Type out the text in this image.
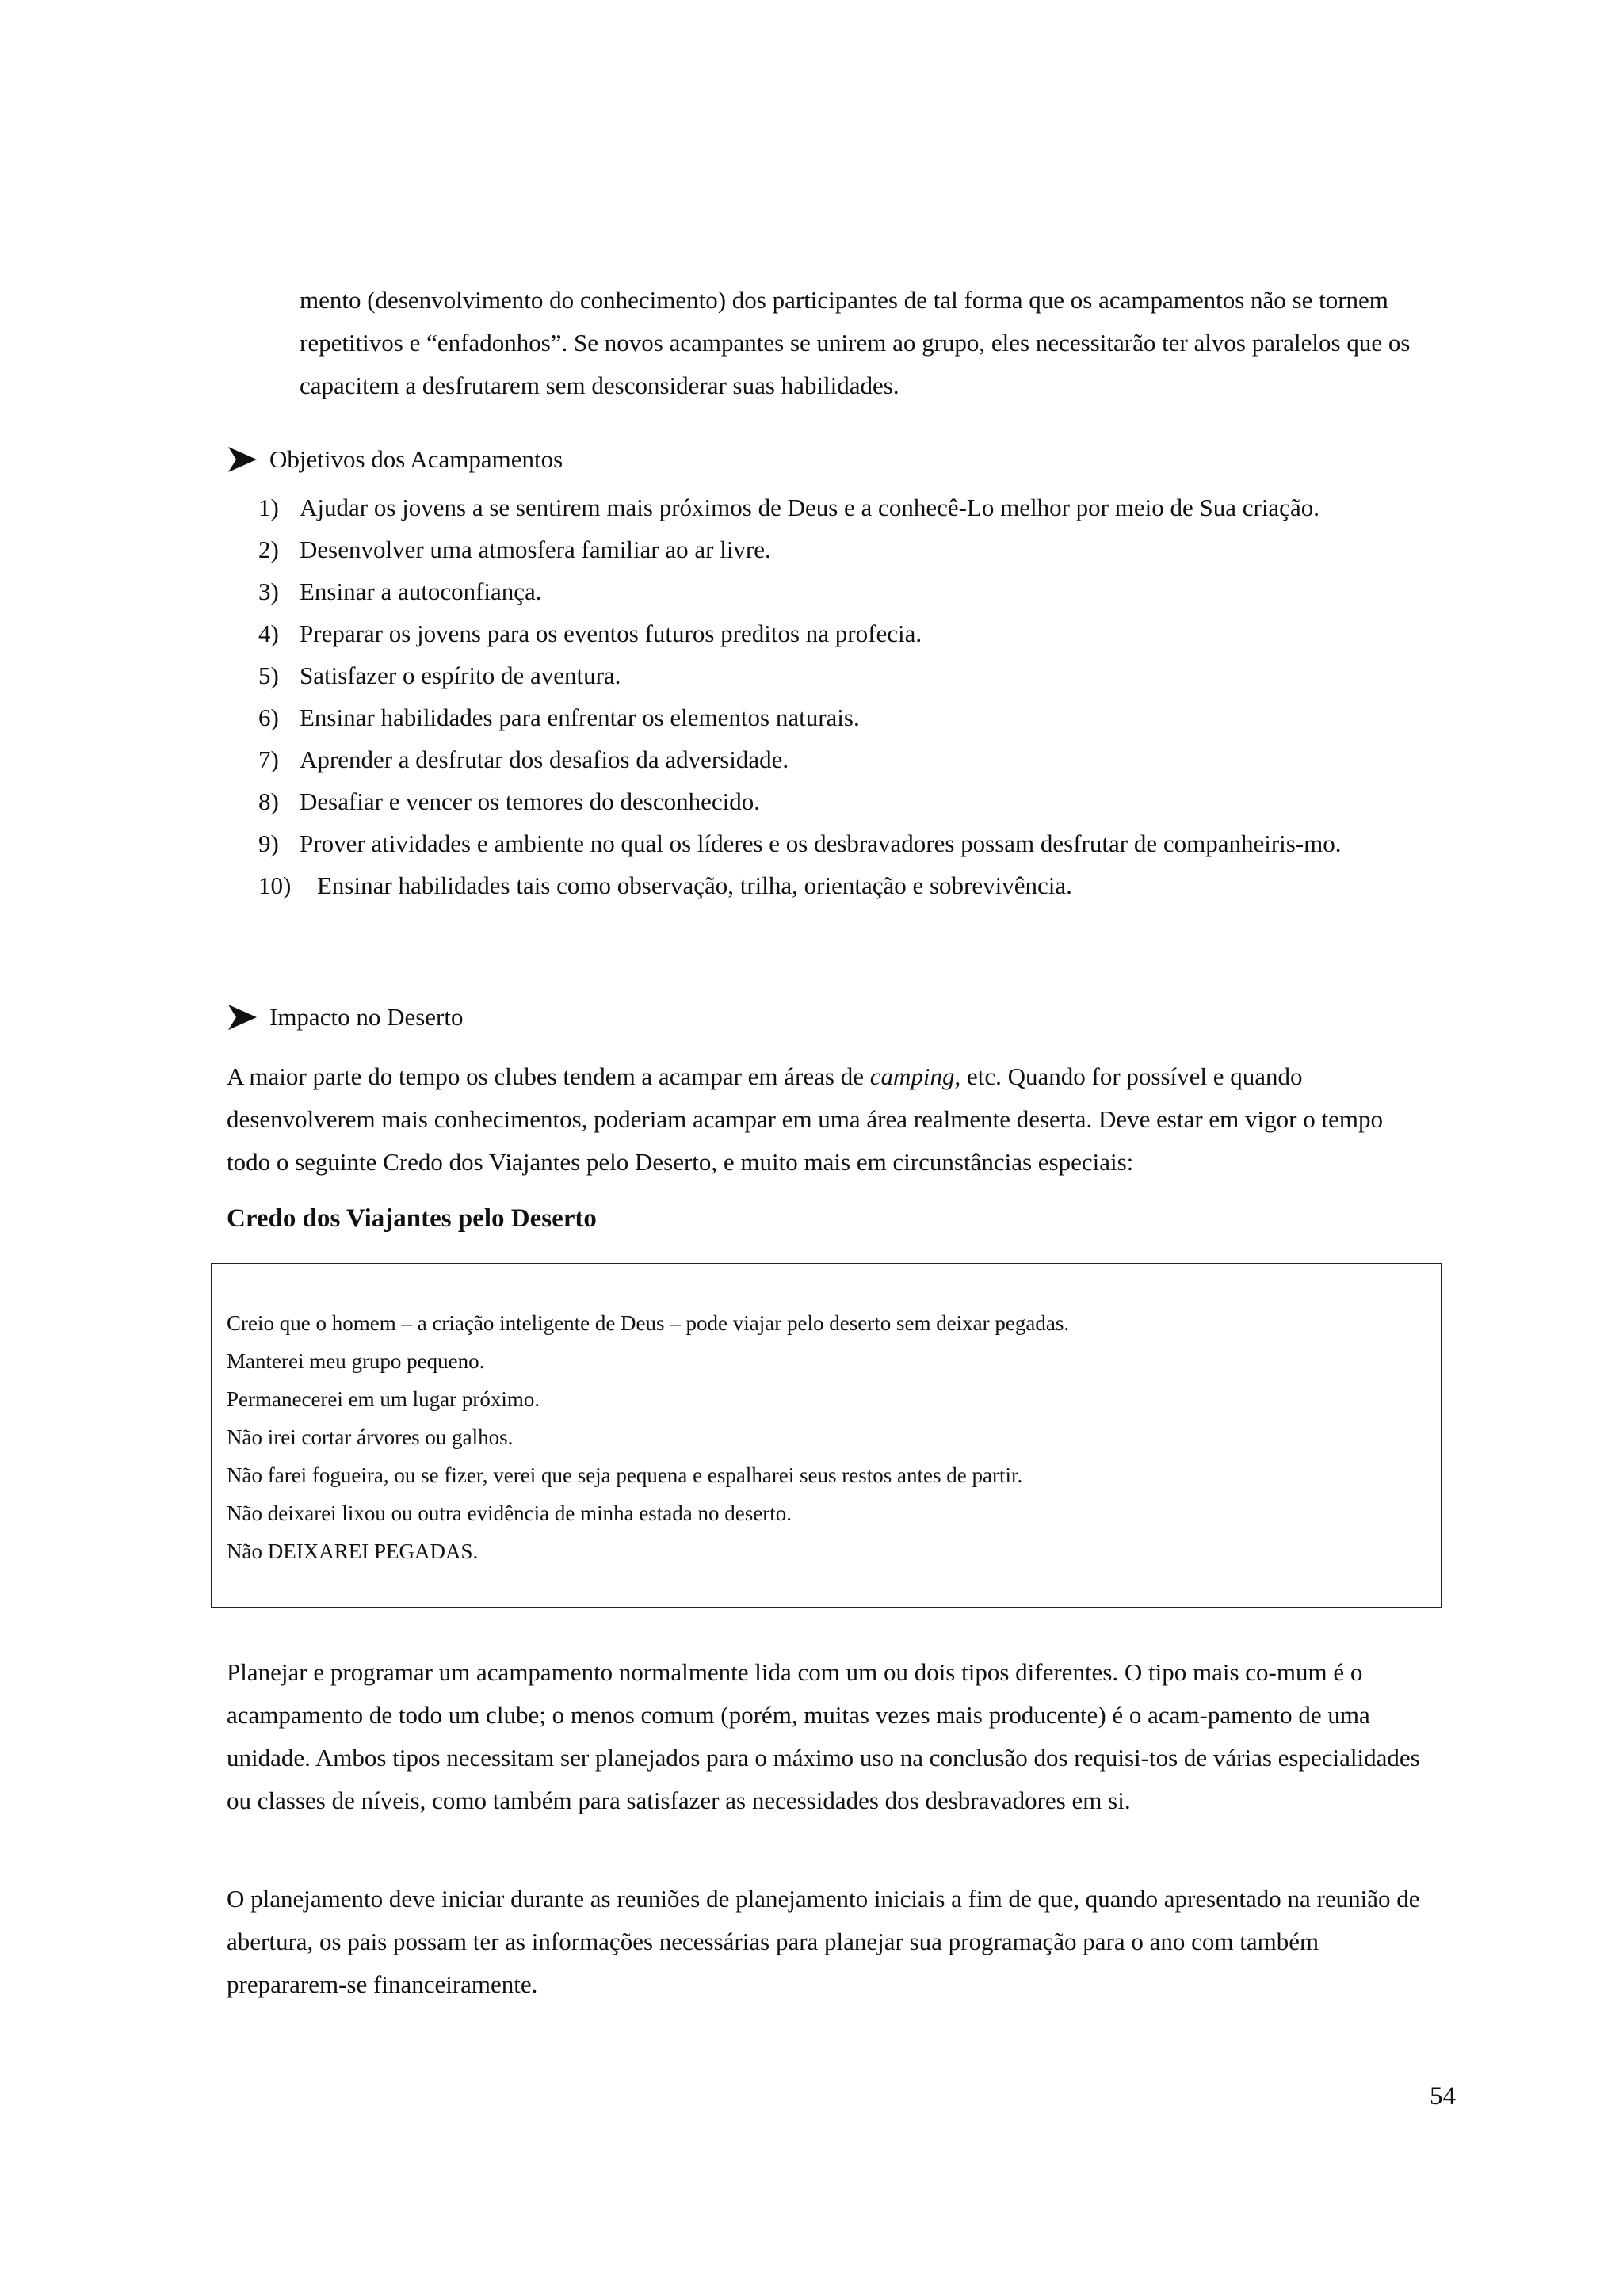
mento (desenvolvimento do conhecimento) dos participantes de tal forma que os acampamentos não se tornem repetitivos e “enfadonhos”. Se novos acampantes se unirem ao grupo, eles necessitarão ter alvos paralelos que os capacitem a desfrutarem sem desconsiderar suas habilidades.

Objetivos dos Acampamentos
1) Ajudar os jovens a se sentirem mais próximos de Deus e a conhecê-Lo melhor por meio de Sua criação.
2) Desenvolver uma atmosfera familiar ao ar livre.
3) Ensinar a autoconfiança.
4) Preparar os jovens para os eventos futuros preditos na profecia.
5) Satisfazer o espírito de aventura.
6) Ensinar habilidades para enfrentar os elementos naturais.
7) Aprender a desfrutar dos desafios da adversidade.
8) Desafiar e vencer os temores do desconhecido.
9) Prover atividades e ambiente no qual os líderes e os desbravadores possam desfrutar de companheiris-mo.
10)	Ensinar habilidades tais como observação, trilha, orientação e sobrevivência.
Impacto no Deserto

A maior parte do tempo os clubes tendem a acampar em áreas de camping, etc. Quando for possível e quando desenvolverem mais conhecimentos, poderiam acampar em uma área realmente deserta. Deve estar em vigor o tempo todo o seguinte Credo dos Viajantes pelo Deserto, e muito mais em circunstâncias especiais:

Credo dos Viajantes pelo Deserto

Creio que o homem – a criação inteligente de Deus – pode viajar pelo deserto sem deixar pegadas.

Manterei meu grupo pequeno.

Permanecerei em um lugar próximo.

Não irei cortar árvores ou galhos.

Não farei fogueira, ou se fizer, verei que seja pequena e espalharei seus restos antes de partir.

Não deixarei lixou ou outra evidência de minha estada no deserto.

Não DEIXAREI PEGADAS.

Planejar e programar um acampamento normalmente lida com um ou dois tipos diferentes. O tipo mais co-mum é o acampamento de todo um clube; o menos comum (porém, muitas vezes mais producente) é o acam-pamento de uma unidade. Ambos tipos necessitam ser planejados para o máximo uso na conclusão dos requisi-tos de várias especialidades ou classes de níveis, como também para satisfazer as necessidades dos desbravadores em si.

O planejamento deve iniciar durante as reuniões de planejamento iniciais a fim de que, quando apresentado na reunião de abertura, os pais possam ter as informações necessárias para planejar sua programação para o ano com também prepararem-se financeiramente.

54
